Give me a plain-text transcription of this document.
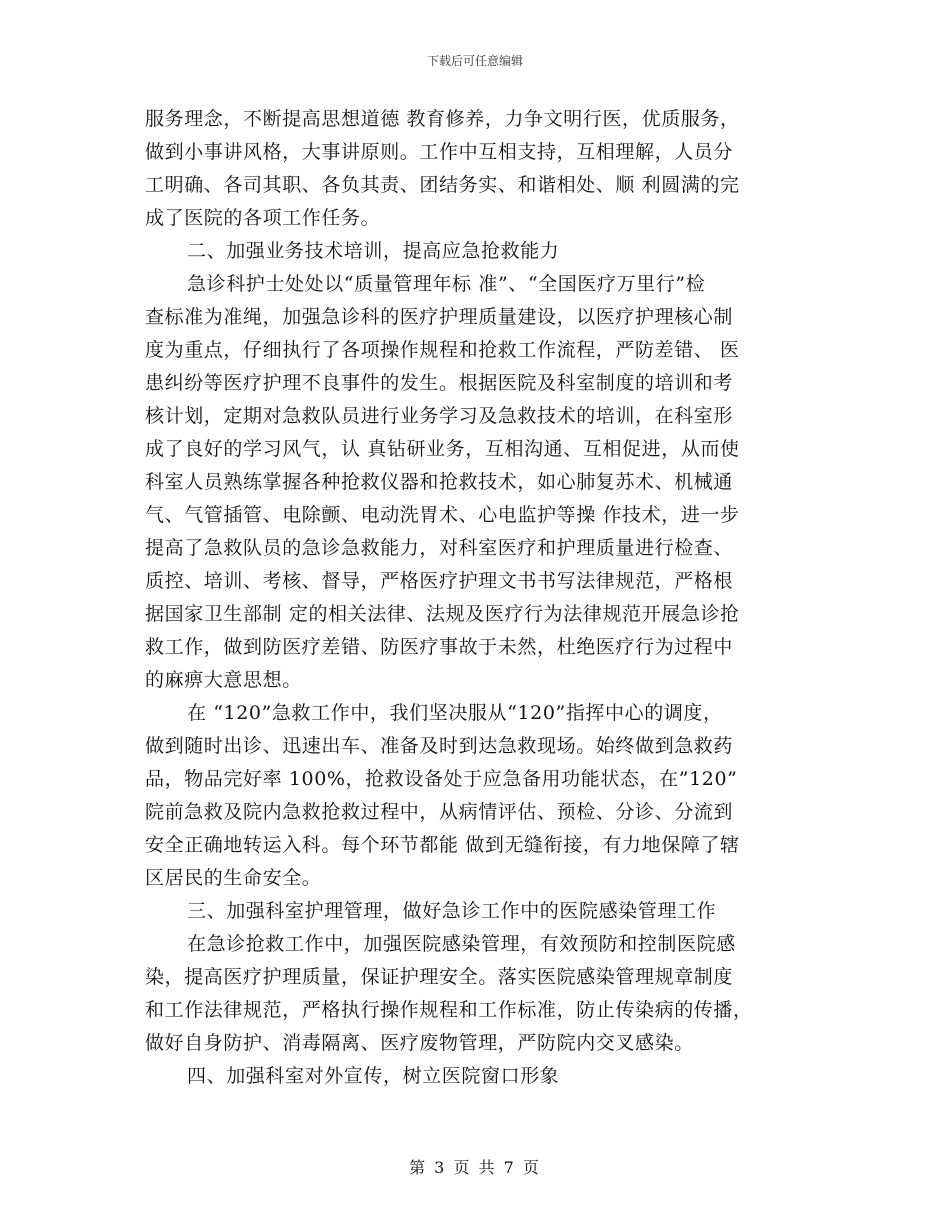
下载后可任意编辑
服务理念，不断提高思想道德 教育修养，力争文明行医，优质服务，
做到小事讲风格，大事讲原则。工作中互相支持，互相理解，人员分
工明确、各司其职、各负其责、团结务实、和谐相处、顺 利圆满的完
成了医院的各项工作任务。
二、加强业务技术培训，提高应急抢救能力
急诊科护士处处以“质量管理年标 准”、“全国医疗万里行”检
查标准为准绳，加强急诊科的医疗护理质量建设，以医疗护理核心制
度为重点，仔细执行了各项操作规程和抢救工作流程，严防差错、 医
患纠纷等医疗护理不良事件的发生。根据医院及科室制度的培训和考
核计划，定期对急救队员进行业务学习及急救技术的培训，在科室形
成了良好的学习风气，认 真钻研业务，互相沟通、互相促进，从而使
科室人员熟练掌握各种抢救仪器和抢救技术，如心肺复苏术、机械通
气、气管插管、电除颤、电动洗胃术、心电监护等操 作技术，进一步
提高了急救队员的急诊急救能力，对科室医疗和护理质量进行检查、
质控、培训、考核、督导，严格医疗护理文书书写法律规范，严格根
据国家卫生部制 定的相关法律、法规及医疗行为法律规范开展急诊抢
救工作，做到防医疗差错、防医疗事故于未然，杜绝医疗行为过程中
的麻痹大意思想。
在 “120”急救工作中，我们坚决服从“120”指挥中心的调度，
做到随时出诊、迅速出车、准备及时到达急救现场。始终做到急救药
品，物品完好率 100%，抢救设备处于应急备用功能状态，在”120”
院前急救及院内急救抢救过程中，从病情评估、预检、分诊、分流到
安全正确地转运入科。每个环节都能 做到无缝衔接，有力地保障了辖
区居民的生命安全。
三、加强科室护理管理，做好急诊工作中的医院感染管理工作
在急诊抢救工作中，加强医院感染管理，有效预防和控制医院感
染，提高医疗护理质量，保证护理安全。落实医院感染管理规章制度
和工作法律规范，严格执行操作规程和工作标准，防止传染病的传播，
做好自身防护、消毒隔离、医疗废物管理，严防院内交叉感染。
四、加强科室对外宣传，树立医院窗口形象
第 3 页 共 7 页
